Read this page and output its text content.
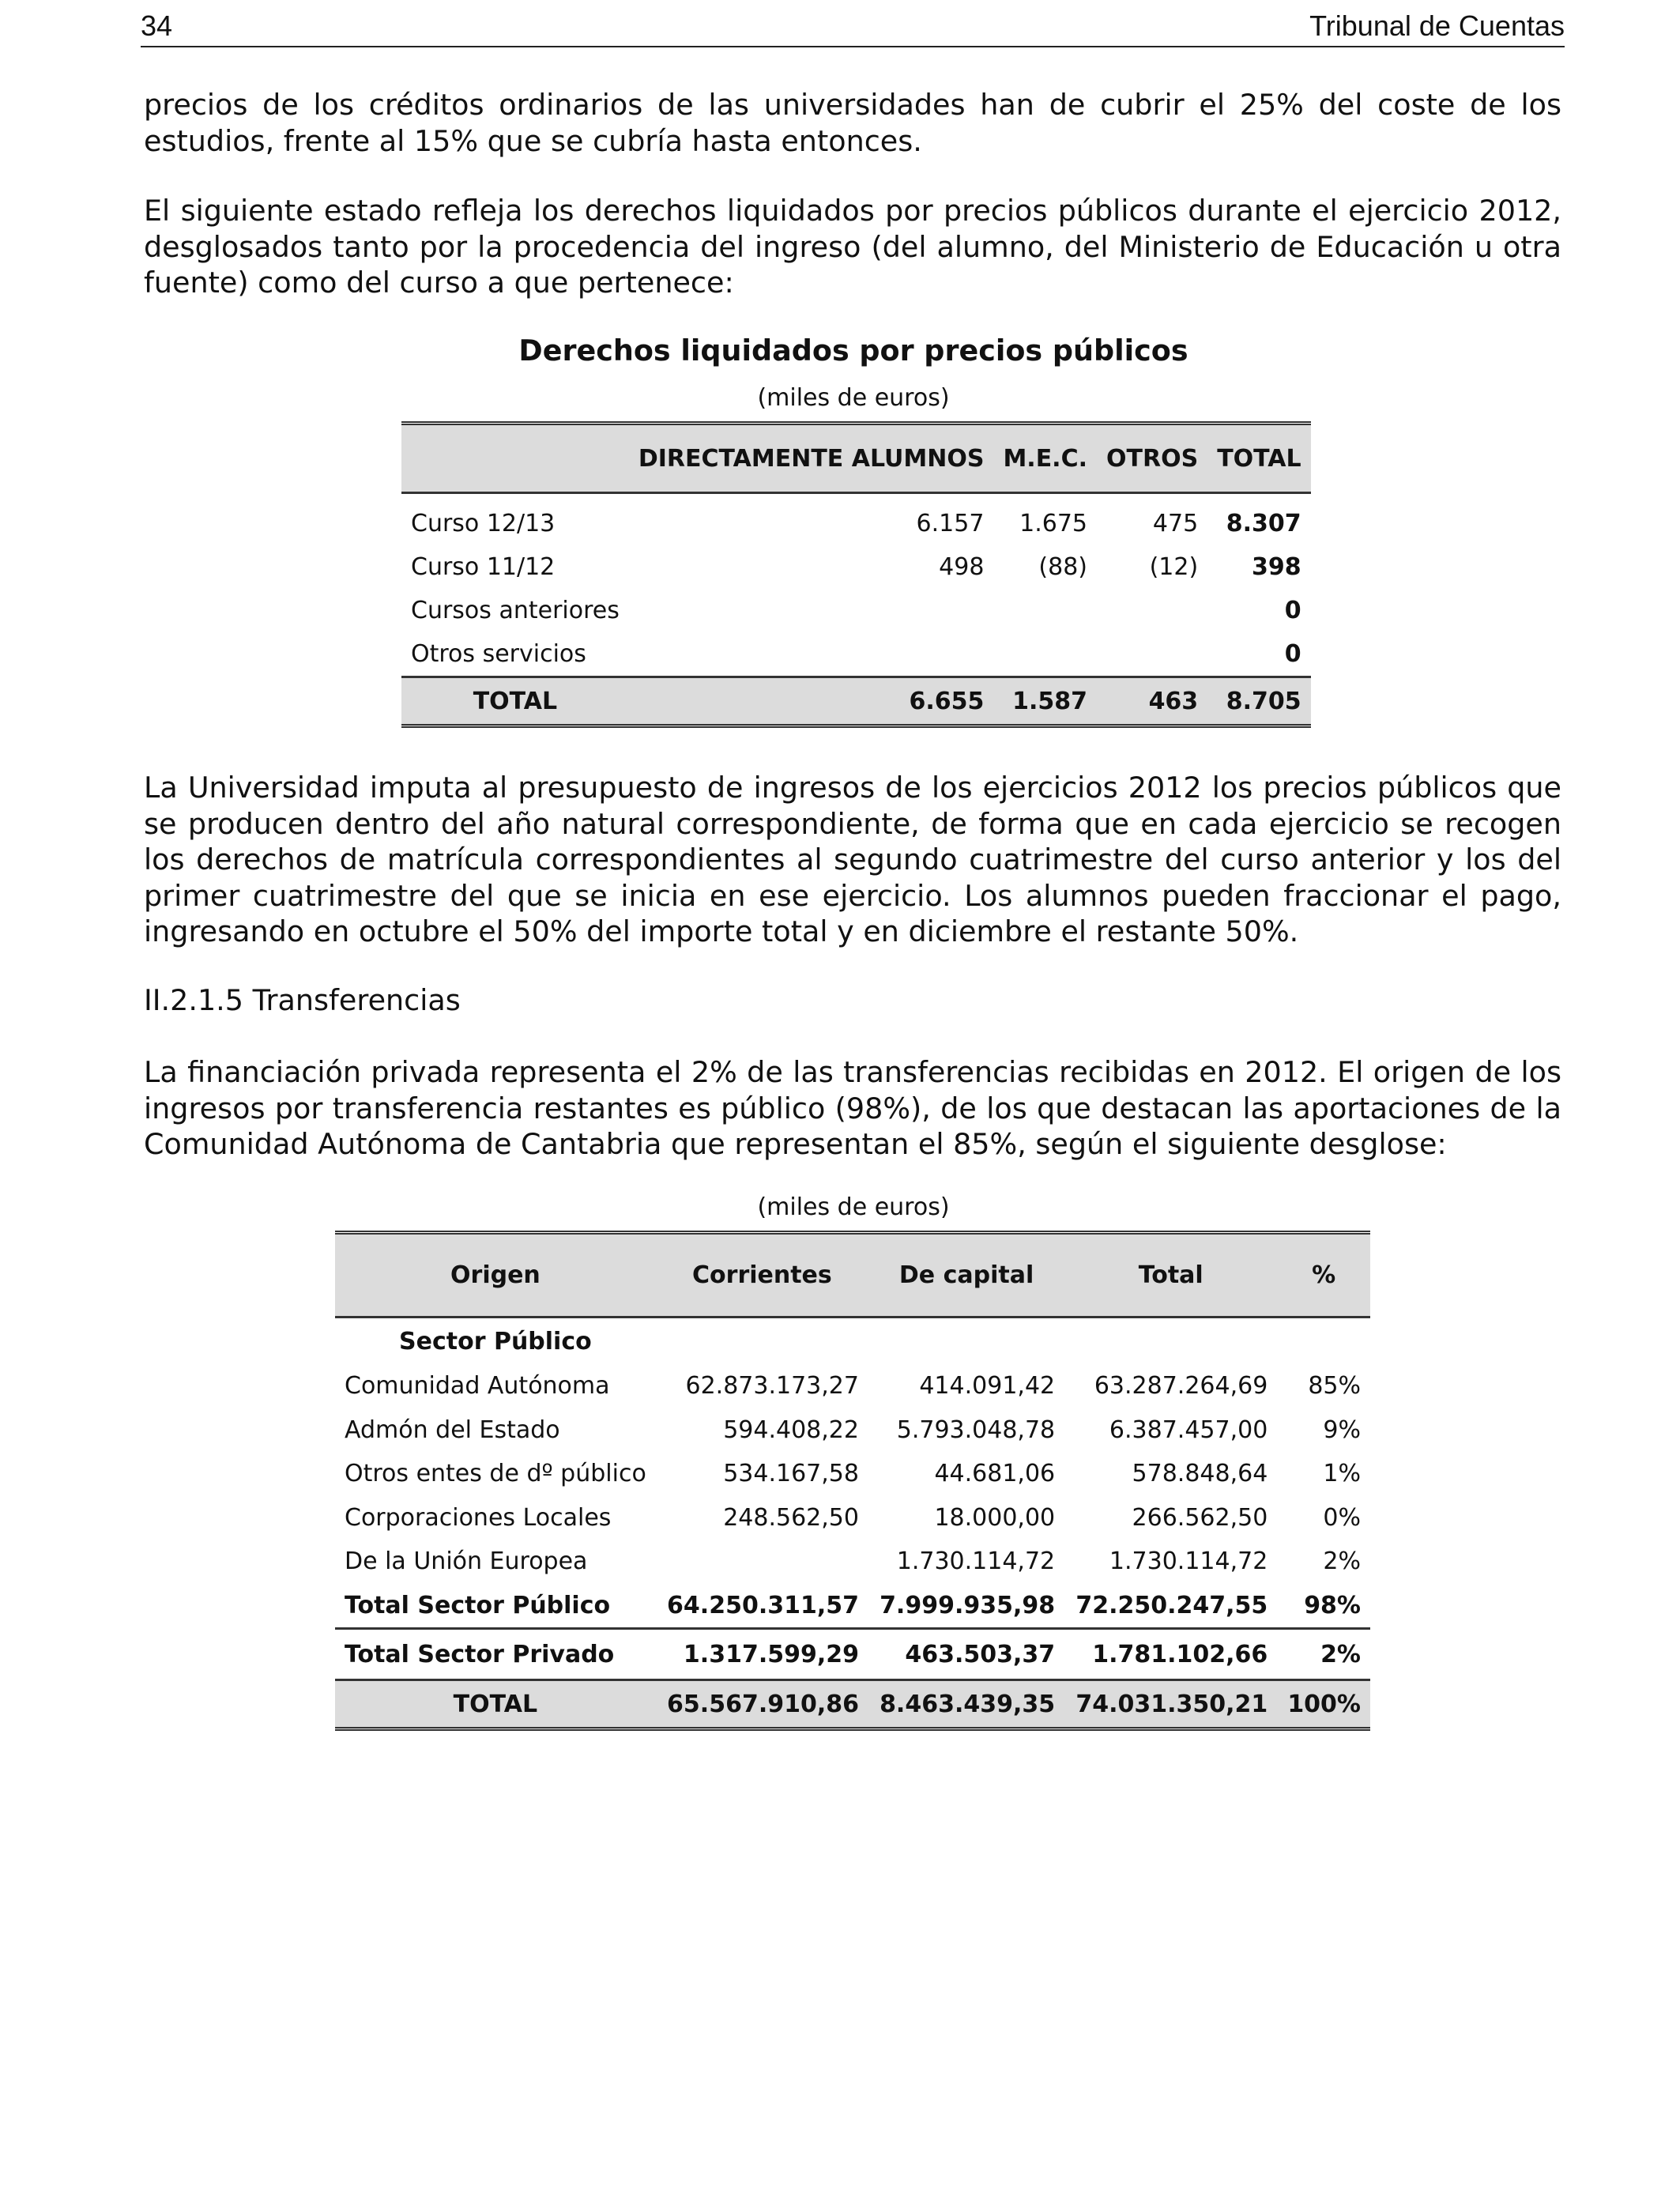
34	Tribunal de Cuentas

precios de los créditos ordinarios de las universidades han de cubrir el 25% del coste de los estudios, frente al 15% que se cubría hasta entonces.

El siguiente estado refleja los derechos liquidados por precios públicos durante el ejercicio 2012, desglosados tanto por la procedencia del ingreso (del alumno, del Ministerio de Educación u otra fuente) como del curso a que pertenece:

Derechos liquidados por precios públicos

(miles de euros)

	DIRECTAMENTE ALUMNOS	M.E.C.	OTROS	TOTAL
Curso 12/13	6.157	1.675	475	8.307
Curso 11/12	498	(88)	(12)	398
Cursos anteriores				0
Otros servicios				0
TOTAL	6.655	1.587	463	8.705

La Universidad imputa al presupuesto de ingresos de los ejercicios 2012 los precios públicos que se producen dentro del año natural correspondiente, de forma que en cada ejercicio se recogen los derechos de matrícula correspondientes al segundo cuatrimestre del curso anterior y los del primer cuatrimestre del que se inicia en ese ejercicio. Los alumnos pueden fraccionar el pago, ingresando en octubre el 50% del importe total y en diciembre el restante 50%.

II.2.1.5 Transferencias

La financiación privada representa el 2% de las transferencias recibidas en 2012. El origen de los ingresos por transferencia restantes es público (98%), de los que destacan las aportaciones de la Comunidad Autónoma de Cantabria que representan el 85%, según el siguiente desglose:

(miles de euros)

Origen	Corrientes	De capital	Total	%
Sector Público				
Comunidad Autónoma	62.873.173,27	414.091,42	63.287.264,69	85%
Admón del Estado	594.408,22	5.793.048,78	6.387.457,00	9%
Otros entes de dº público	534.167,58	44.681,06	578.848,64	1%
Corporaciones Locales	248.562,50	18.000,00	266.562,50	0%
De la Unión Europea		1.730.114,72	1.730.114,72	2%
Total Sector Público	64.250.311,57	7.999.935,98	72.250.247,55	98%
Total Sector Privado	1.317.599,29	463.503,37	1.781.102,66	2%
TOTAL	65.567.910,86	8.463.439,35	74.031.350,21	100%
